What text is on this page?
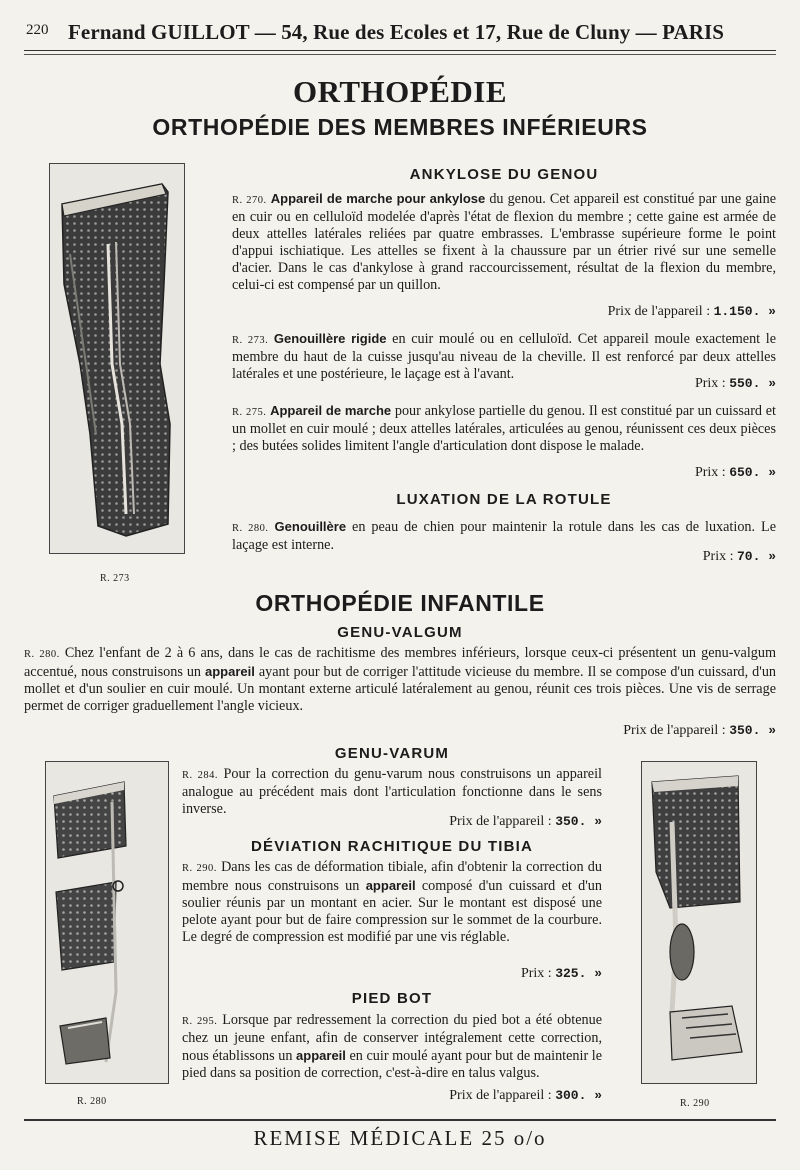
220 Fernand GUILLOT — 54, Rue des Ecoles et 17, Rue de Cluny — PARIS
ORTHOPÉDIE
ORTHOPÉDIE DES MEMBRES INFÉRIEURS
R. 273
ANKYLOSE DU GENOU
R. 270. Appareil de marche pour ankylose du genou. Cet appareil est constitué par une gaine en cuir ou en celluloïd modelée d'après l'état de flexion du membre ; cette gaine est armée de deux attelles latérales reliées par quatre embrasses. L'embrasse supérieure forme le point d'appui ischiatique. Les attelles se fixent à la chaussure par un étrier rivé sur une semelle d'acier. Dans le cas d'ankylose à grand raccourcissement, résultat de la flexion du membre, celui-ci est compensé par un quillon.
Prix de l'appareil : 1.150. »
R. 273. Genouillère rigide en cuir moulé ou en celluloïd. Cet appareil moule exactement le membre du haut de la cuisse jusqu'au niveau de la cheville. Il est renforcé par deux attelles latérales et une postérieure, le laçage est à l'avant.
Prix : 550. »
R. 275. Appareil de marche pour ankylose partielle du genou. Il est constitué par un cuissard et un mollet en cuir moulé ; deux attelles latérales, articulées au genou, réunissent ces deux pièces ; des butées solides limitent l'angle d'articulation dont dispose le malade.
Prix : 650. »
LUXATION DE LA ROTULE
R. 280. Genouillère en peau de chien pour maintenir la rotule dans les cas de luxation. Le laçage est interne.
Prix : 70. »
ORTHOPÉDIE INFANTILE
GENU-VALGUM
R. 280. Chez l'enfant de 2 à 6 ans, dans le cas de rachitisme des membres inférieurs, lorsque ceux-ci présentent un genu-valgum accentué, nous construisons un appareil ayant pour but de corriger l'attitude vicieuse du membre. Il se compose d'un cuissard, d'un mollet et d'un soulier en cuir moulé. Un montant externe articulé latéralement au genou, réunit ces trois pièces. Une vis de serrage permet de corriger graduellement l'angle vicieux.
Prix de l'appareil : 350. »
R. 280	R. 290
GENU-VARUM
R. 284. Pour la correction du genu-varum nous construisons un appareil analogue au précédent mais dont l'articulation fonctionne dans le sens inverse.
Prix de l'appareil : 350. »
DÉVIATION RACHITIQUE DU TIBIA
R. 290. Dans les cas de déformation tibiale, afin d'obtenir la correction du membre nous construisons un appareil composé d'un cuissard et d'un soulier réunis par un montant en acier. Sur le montant est disposé une pelote ayant pour but de faire compression sur le sommet de la courbure. Le degré de compression est modifié par une vis réglable.
Prix : 325. »
PIED BOT
R. 295. Lorsque par redressement la correction du pied bot a été obtenue chez un jeune enfant, afin de conserver intégralement cette correction, nous établissons un appareil en cuir moulé ayant pour but de maintenir le pied dans sa position de correction, c'est-à-dire en talus valgus.
Prix de l'appareil : 300. »
REMISE MÉDICALE 25 o/o
